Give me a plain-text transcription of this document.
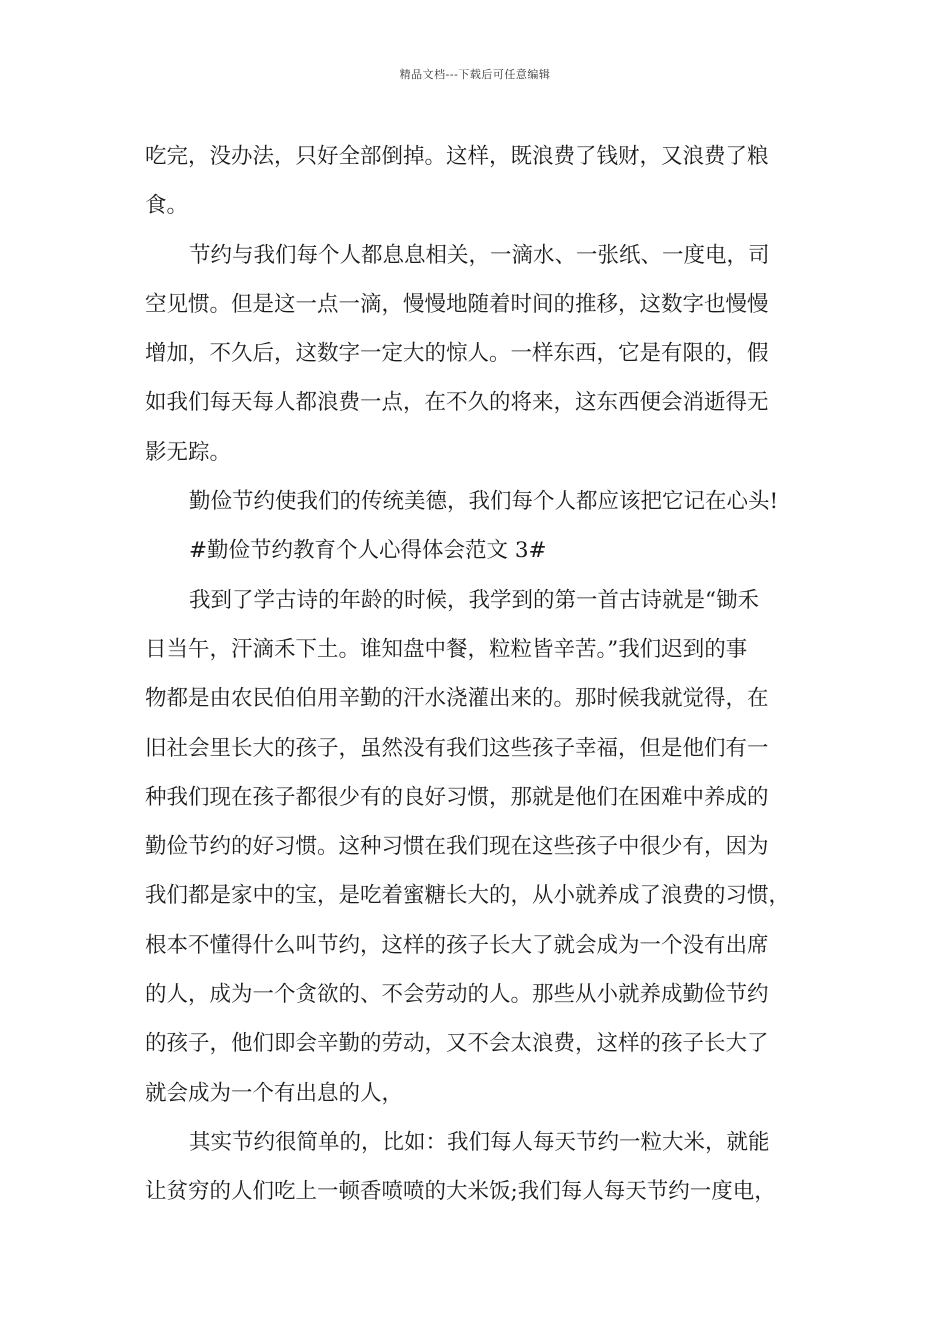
精品文档---下载后可任意编辑
吃完，没办法，只好全部倒掉。这样，既浪费了钱财，又浪费了粮
食。
节约与我们每个人都息息相关，一滴水、一张纸、一度电，司
空见惯。但是这一点一滴，慢慢地随着时间的推移，这数字也慢慢
增加，不久后，这数字一定大的惊人。一样东西，它是有限的，假
如我们每天每人都浪费一点，在不久的将来，这东西便会消逝得无
影无踪。
勤俭节约使我们的传统美德，我们每个人都应该把它记在心头!
#勤俭节约教育个人心得体会范文 3#
我到了学古诗的年龄的时候，我学到的第一首古诗就是“锄禾
日当午，汗滴禾下土。谁知盘中餐，粒粒皆辛苦。”我们迟到的事
物都是由农民伯伯用辛勤的汗水浇灌出来的。那时候我就觉得，在
旧社会里长大的孩子，虽然没有我们这些孩子幸福，但是他们有一
种我们现在孩子都很少有的良好习惯，那就是他们在困难中养成的
勤俭节约的好习惯。这种习惯在我们现在这些孩子中很少有，因为
我们都是家中的宝，是吃着蜜糖长大的，从小就养成了浪费的习惯，
根本不懂得什么叫节约，这样的孩子长大了就会成为一个没有出席
的人，成为一个贪欲的、不会劳动的人。那些从小就养成勤俭节约
的孩子，他们即会辛勤的劳动，又不会太浪费，这样的孩子长大了
就会成为一个有出息的人，
其实节约很简单的，比如：我们每人每天节约一粒大米，就能
让贫穷的人们吃上一顿香喷喷的大米饭;我们每人每天节约一度电，
